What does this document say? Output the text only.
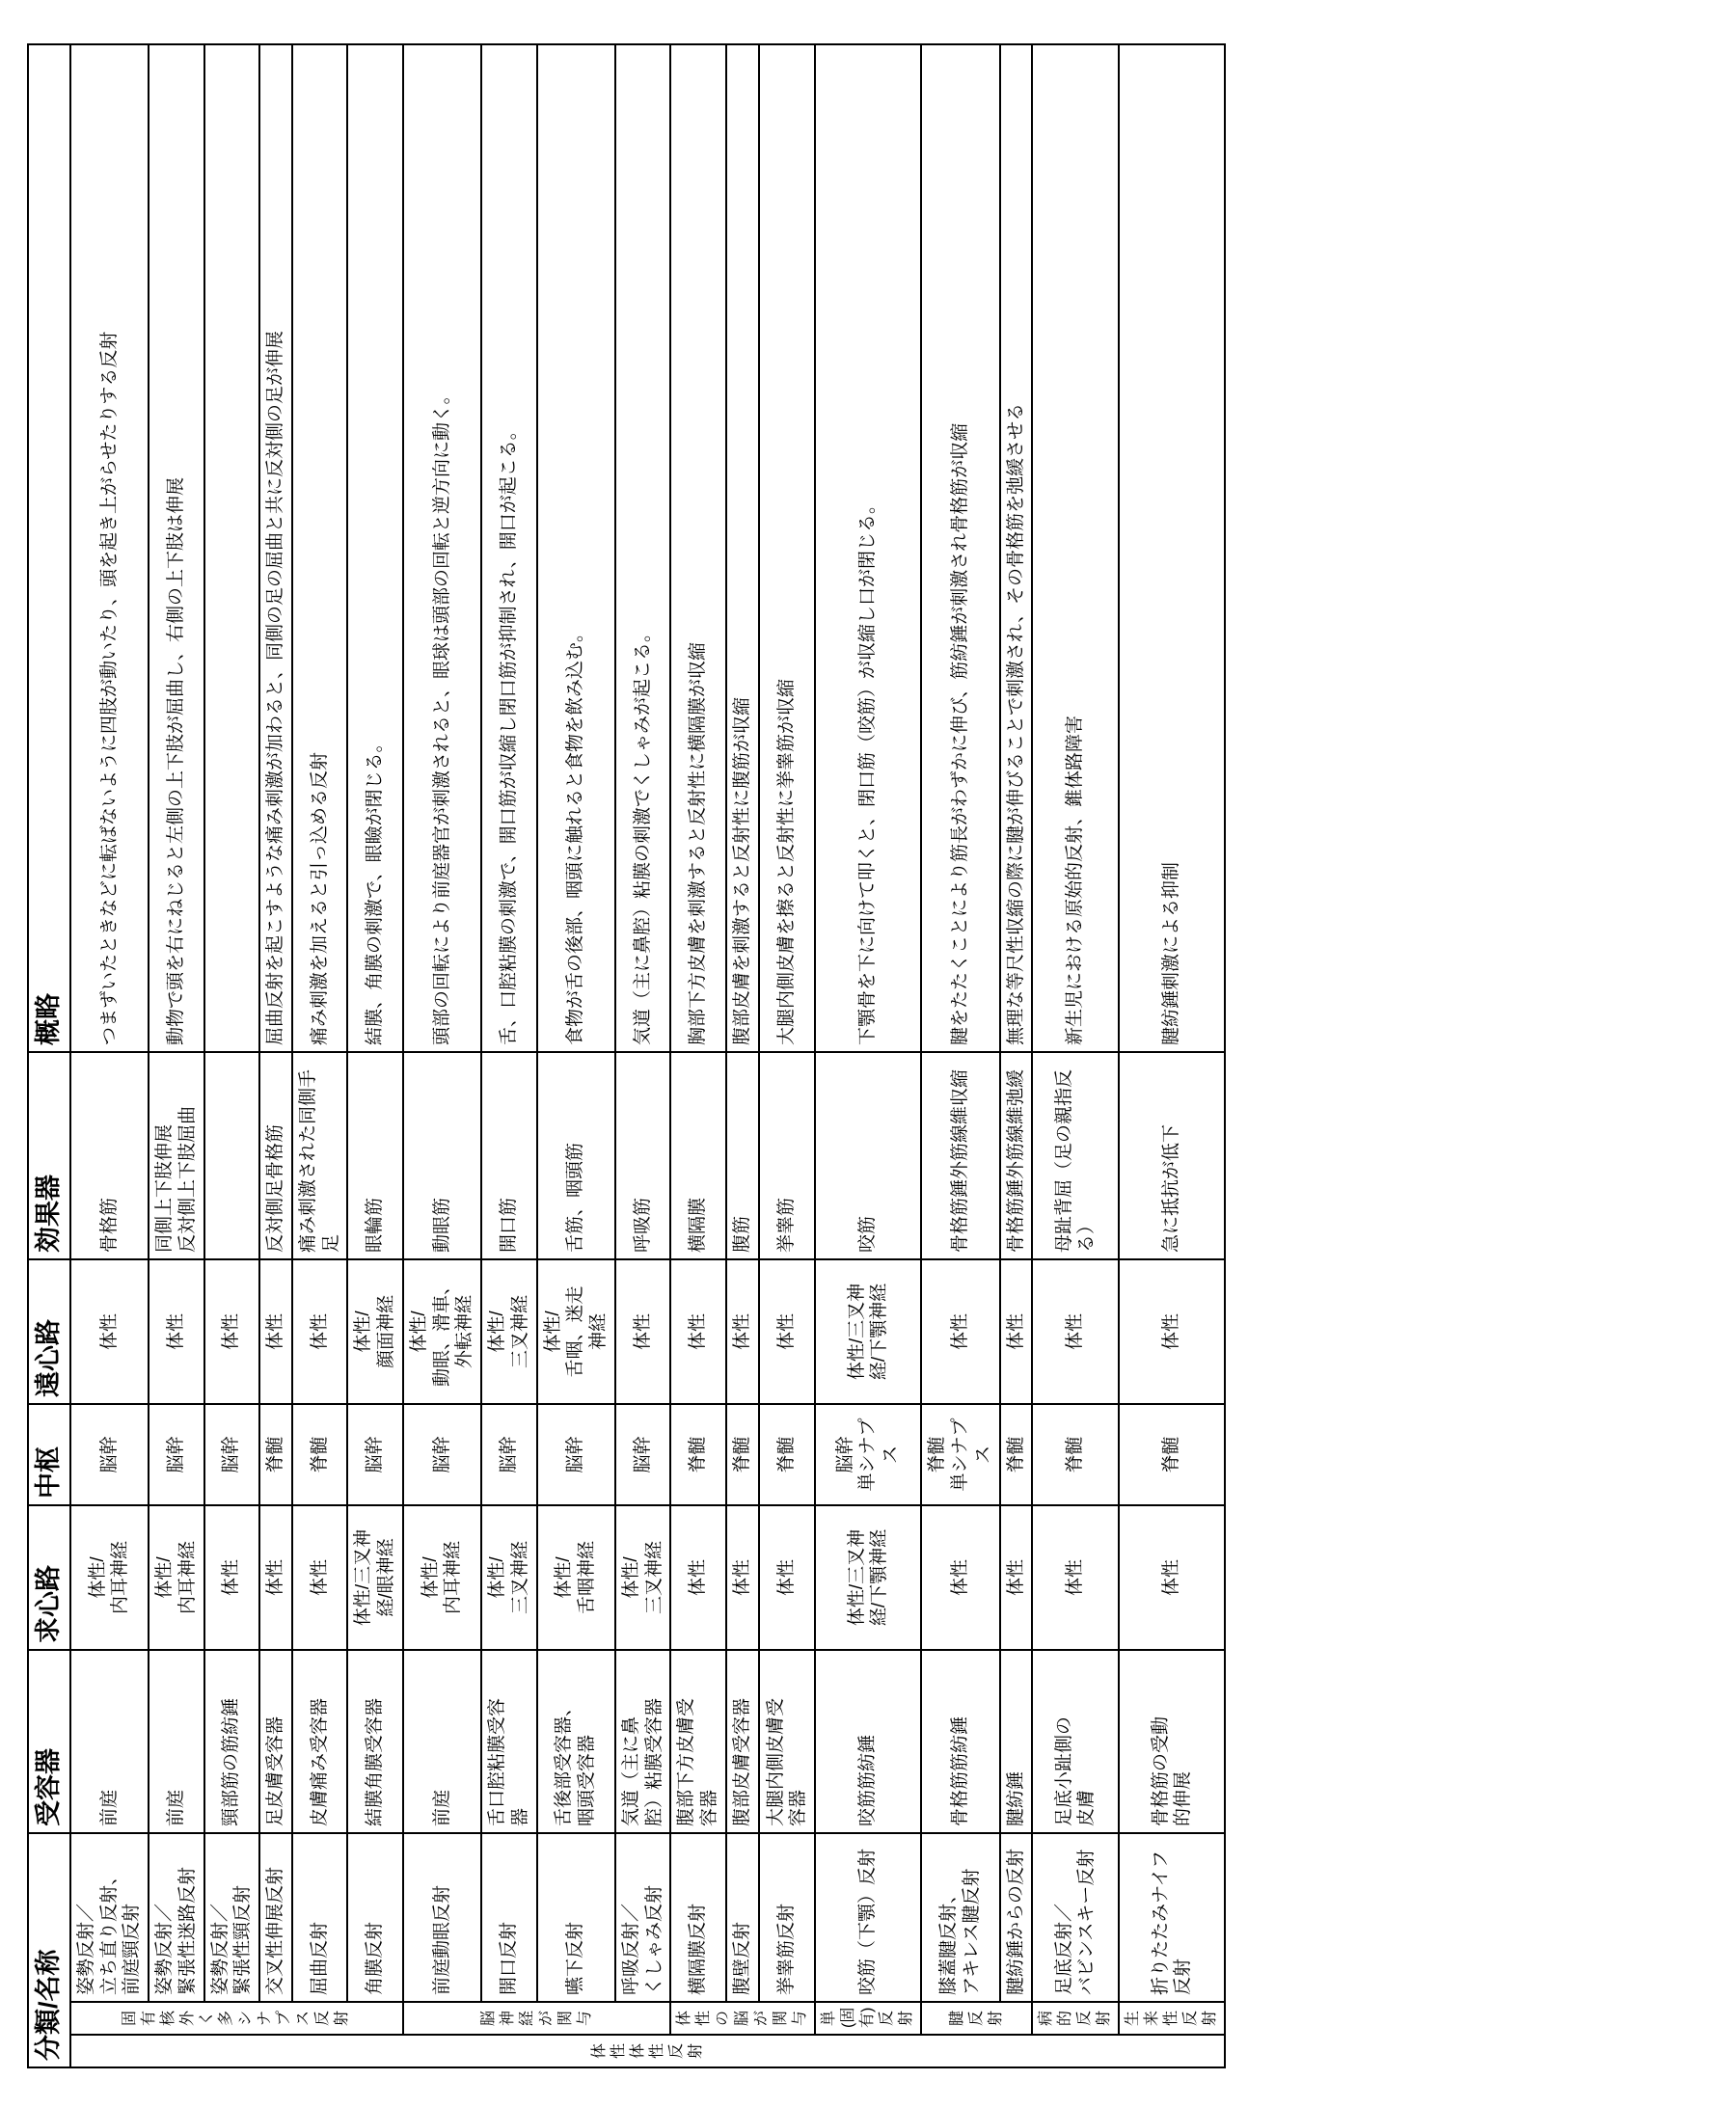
分類/名称			受容器	求心路	中枢	遠心路	効果器	概略
体性体性反射	固有核外く多シナプス反射	姿勢反射／ 立ち直り反射、 前庭頸反射	前庭	体性/ 内耳神経	脳幹	体性	骨格筋	つまずいたときなどに転ばないように四肢が動いたり、頭を起き上がらせたりする反射
		姿勢反射／ 緊張性迷路反射	前庭	体性/ 内耳神経	脳幹	体性	同側上下肢伸展 反対側上下肢屈曲	動物で頭を右にねじると左側の上下肢が屈曲し、右側の上下肢は伸展
		姿勢反射／ 緊張性頸反射	頸部筋の筋紡錘	体性	脳幹	体性		
		交叉性伸展反射	足皮膚受容器	体性	脊髄	体性	反対側足骨格筋	屈曲反射を起こすような痛み刺激が加わると、同側の足の屈曲と共に反対側の足が伸展
		屈曲反射	皮膚痛み受容器	体性	脊髄	体性	痛み刺激された同側手足	痛み刺激を加えると引っ込める反射
		角膜反射	結膜角膜受容器	体性/三叉神 経/眼神経	脳幹	体性/ 顔面神経	眼輪筋	結膜、角膜の刺激で、眼瞼が閉じる。
	脳神経が関与	前庭動眼反射	前庭	体性/ 内耳神経	脳幹	体性/ 動眼、滑車、 外転神経	動眼筋	頭部の回転により前庭器官が刺激されると、眼球は頭部の回転と逆方向に動く。
		開口反射	舌口腔粘膜受容 器	体性/ 三叉神経	脳幹	体性/ 三叉神経	開口筋	舌、口腔粘膜の刺激で、開口筋が収縮し閉口筋が抑制され、開口が起こる。
		嚥下反射	舌後部受容器、 咽頭受容器	体性/ 舌咽神経	脳幹	体性/ 舌咽、迷走 神経	舌筋、咽頭筋	食物が舌の後部、咽頭に触れると食物を飲み込む。
		呼吸反射／ くしゃみ反射	気道（主に鼻 腔）粘膜受容器	体性/ 三叉神経	脳幹	体性	呼吸筋	気道（主に鼻腔）粘膜の刺激でくしゃみが起こる。
	体性の脳が関与	横隔膜反射	腹部下方皮膚受 容器	体性	脊髄	体性	横隔膜	胸部下方皮膚を刺激すると反射性に横隔膜が収縮
		腹壁反射	腹部皮膚受容器	体性	脊髄	体性	腹筋	腹部皮膚を刺激すると反射性に腹筋が収縮
		挙睾筋反射	大腿内側皮膚受 容器	体性	脊髄	体性	挙睾筋	大腿内側皮膚を擦ると反射性に挙睾筋が収縮
	単(固有)反射	咬筋（下顎）反射	咬筋筋紡錘	体性/三叉神 経/下顎神経	脳幹 単シナプス	体性/三叉神 経/下顎神経	咬筋	下顎骨を下に向けて叩くと、閉口筋（咬筋）が収縮し口が閉じる。
	腱反射	膝蓋腱反射、 アキレス腱反射	骨格筋筋紡錘	体性	脊髄 単シナプス	体性	骨格筋錘外筋線維収縮	腱をたたくことにより筋長がわずかに伸び、筋紡錘が刺激され骨格筋が収縮
		腱紡錘からの反射	腱紡錘	体性	脊髄	体性	骨格筋錘外筋線維弛緩	無理な等尺性収縮の際に腱が伸びることで刺激され、その骨格筋を弛緩させる
	病的反射	足底反射／ バビンスキー反射	足底小趾側の 皮膚	体性	脊髄	体性	母趾背屈（足の親指反る）	新生児における原始的反射、錐体路障害
	生来性反射	折りたたみナイフ反射	骨格筋の受動 的伸展	体性	脊髄	体性	急に抵抗が低下	腱紡錘刺激による抑制
